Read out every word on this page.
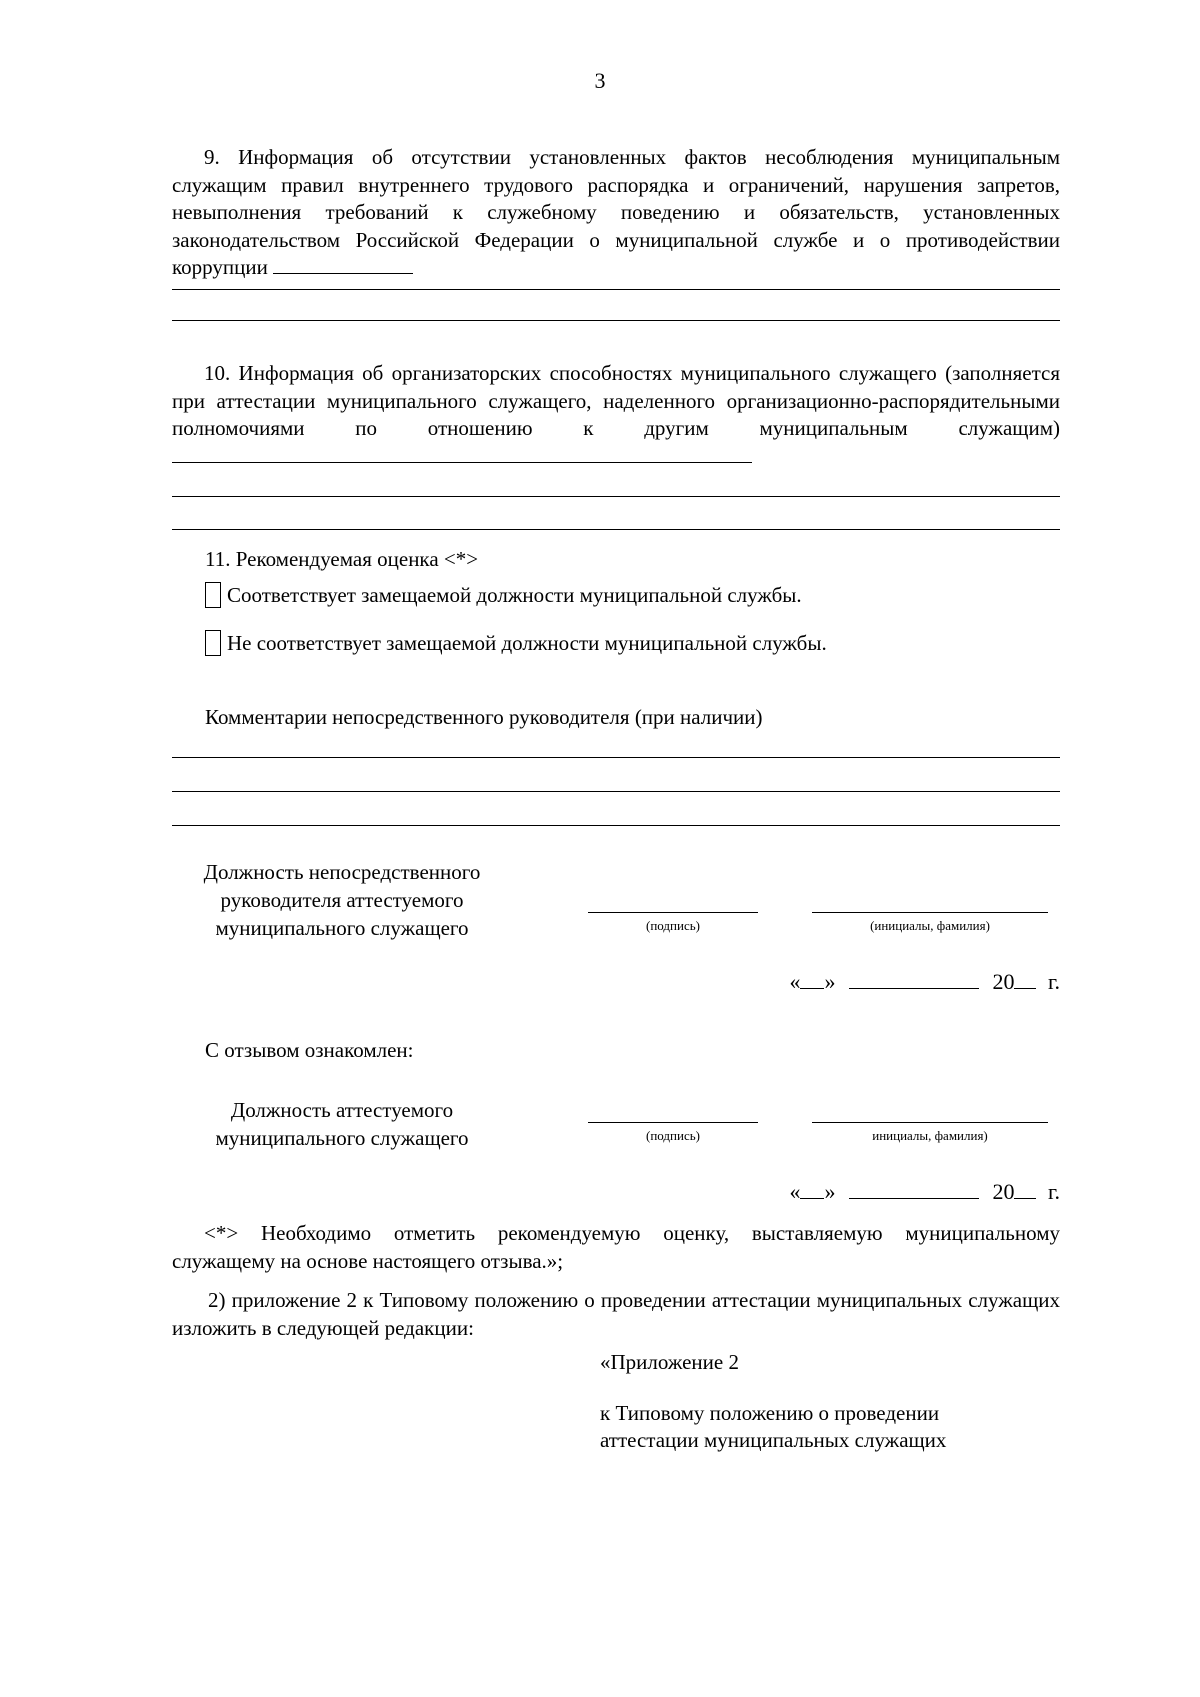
3
9. Информация об отсутствии установленных фактов несоблюдения муниципальным служащим правил внутреннего трудового распорядка и ограничений, нарушения запретов, невыполнения требований к служебному поведению и обязательств, установленных законодательством Российской Федерации о муниципальной службе и о противодействии коррупции
10. Информация об организаторских способностях муниципального служащего (заполняется при аттестации муниципального служащего, наделенного организационно-распорядительными полномочиями по отношению к другим муниципальным служащим)
11. Рекомендуемая оценка <*>
Соответствует замещаемой должности муниципальной службы.
Не соответствует замещаемой должности муниципальной службы.
Комментарии непосредственного руководителя (при наличии)
Должность непосредственного
руководителя аттестуемого
муниципального служащего	(подпись)	(инициалы, фамилия)
« »	20 г.
С отзывом ознакомлен:
Должность аттестуемого
муниципального служащего	(подпись)	инициалы, фамилия)
« »	20 г.
<*> Необходимо отметить рекомендуемую оценку, выставляемую муниципальному служащему на основе настоящего отзыва.»;
2) приложение 2 к Типовому положению о проведении аттестации муниципальных служащих изложить в следующей редакции:
«Приложение 2
к Типовому положению о проведении
аттестации муниципальных служащих
